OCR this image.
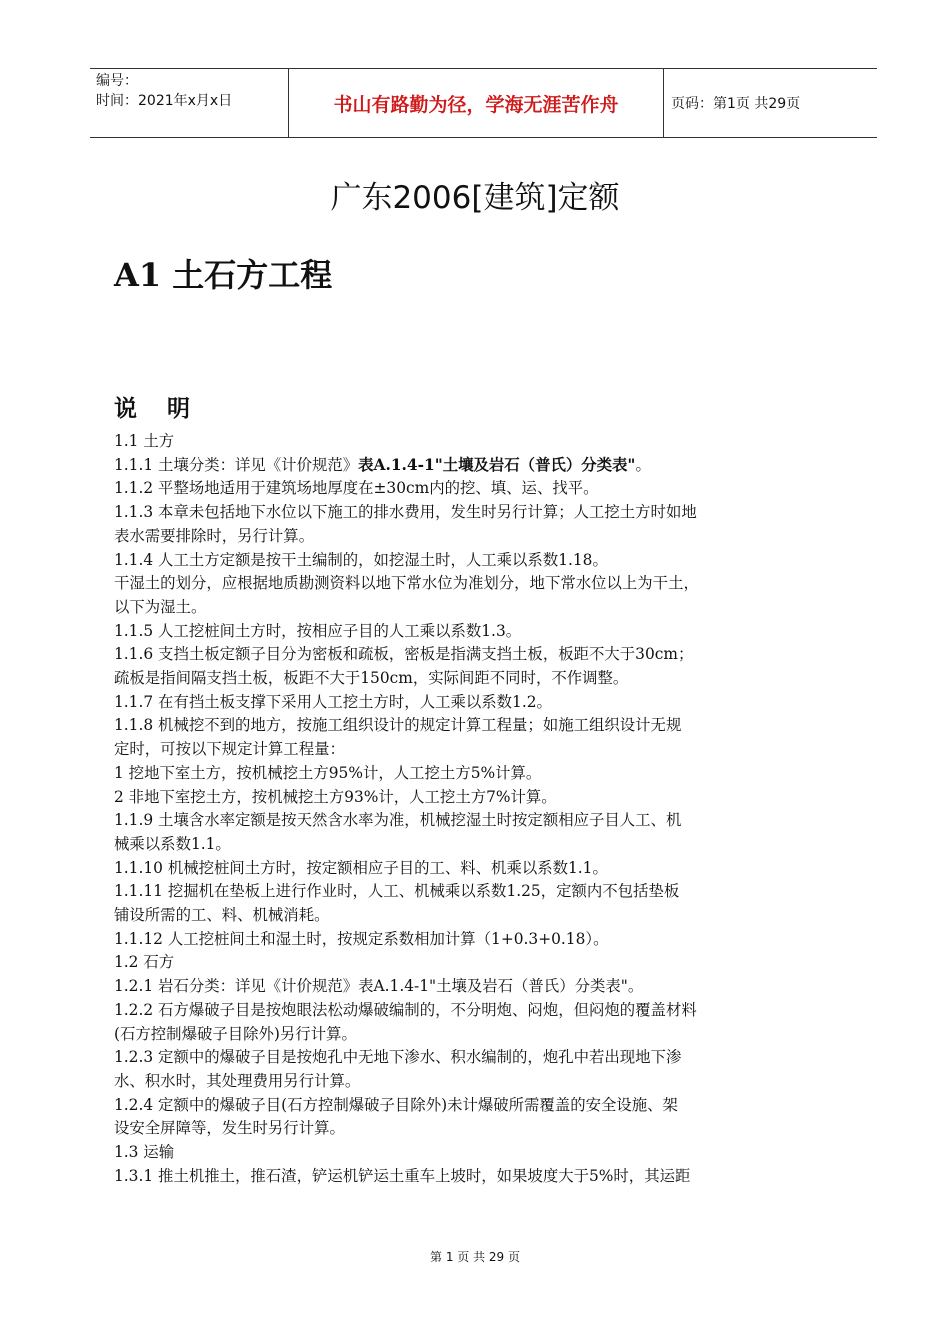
编号：
时间：2021年x月x日	书山有路勤为径，学海无涯苦作舟	页码：第1页 共29页
广东2006[建筑]定额
A1 土石方工程
说 明

1.1 土方

1.1.1 土壤分类：详见《计价规范》表A.1.4-1"土壤及岩石（普氏）分类表"。

1.1.2 平整场地适用于建筑场地厚度在±30cm内的挖、填、运、找平。

1.1.3 本章未包括地下水位以下施工的排水费用，发生时另行计算；人工挖土方时如地

表水需要排除时，另行计算。

1.1.4 人工土方定额是按干土编制的，如挖湿土时，人工乘以系数1.18。

干湿土的划分，应根据地质勘测资料以地下常水位为准划分，地下常水位以上为干土，

以下为湿土。

1.1.5 人工挖桩间土方时，按相应子目的人工乘以系数1.3。

1.1.6 支挡土板定额子目分为密板和疏板，密板是指满支挡土板，板距不大于30cm；

疏板是指间隔支挡土板，板距不大于150cm，实际间距不同时，不作调整。

1.1.7 在有挡土板支撑下采用人工挖土方时，人工乘以系数1.2。

1.1.8 机械挖不到的地方，按施工组织设计的规定计算工程量；如施工组织设计无规

定时，可按以下规定计算工程量：

1 挖地下室土方，按机械挖土方95%计，人工挖土方5%计算。

2 非地下室挖土方，按机械挖土方93%计，人工挖土方7%计算。

1.1.9 土壤含水率定额是按天然含水率为准，机械挖湿土时按定额相应子目人工、机

械乘以系数1.1。

1.1.10 机械挖桩间土方时，按定额相应子目的工、料、机乘以系数1.1。

1.1.11 挖掘机在垫板上进行作业时，人工、机械乘以系数1.25，定额内不包括垫板

铺设所需的工、料、机械消耗。

1.1.12 人工挖桩间土和湿土时，按规定系数相加计算（1+0.3+0.18）。

1.2 石方

1.2.1 岩石分类：详见《计价规范》表A.1.4-1"土壤及岩石（普氏）分类表"。

1.2.2 石方爆破子目是按炮眼法松动爆破编制的，不分明炮、闷炮，但闷炮的覆盖材料

(石方控制爆破子目除外)另行计算。

1.2.3 定额中的爆破子目是按炮孔中无地下渗水、积水编制的，炮孔中若出现地下渗

水、积水时，其处理费用另行计算。

1.2.4 定额中的爆破子目(石方控制爆破子目除外)未计爆破所需覆盖的安全设施、架

设安全屏障等，发生时另行计算。

1.3 运输

1.3.1 推土机推土，推石渣，铲运机铲运土重车上坡时，如果坡度大于5%时，其运距

第 1 页 共 29 页
